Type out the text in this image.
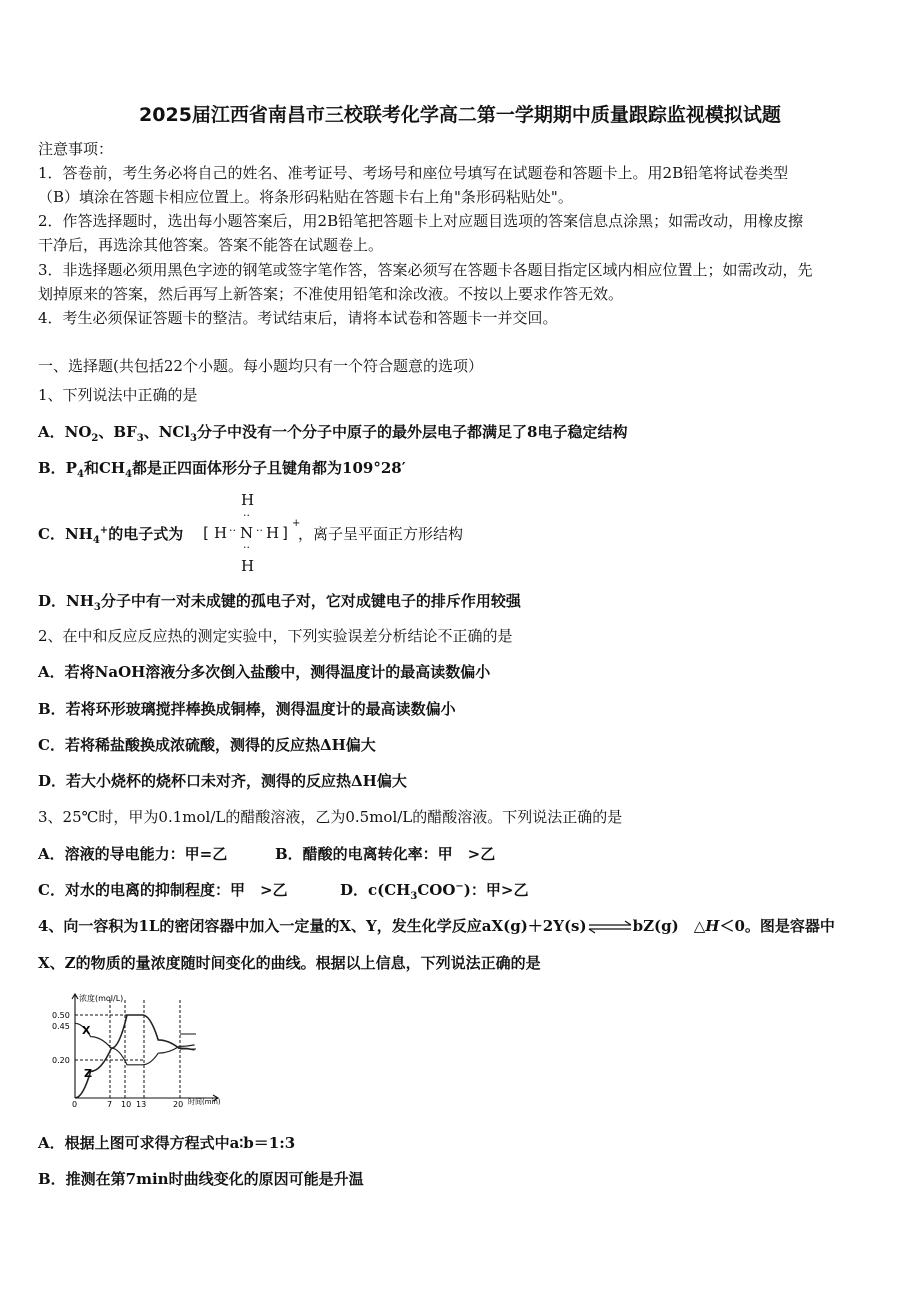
2025届江西省南昌市三校联考化学高二第一学期期中质量跟踪监视模拟试题
注意事项：
1．答卷前，考生务必将自己的姓名、准考证号、考场号和座位号填写在试题卷和答题卡上。用2B铅笔将试卷类型
（B）填涂在答题卡相应位置上。将条形码粘贴在答题卡右上角"条形码粘贴处"。
2．作答选择题时，选出每小题答案后，用2B铅笔把答题卡上对应题目选项的答案信息点涂黑；如需改动，用橡皮擦
干净后，再选涂其他答案。答案不能答在试题卷上。
3．非选择题必须用黑色字迹的钢笔或签字笔作答，答案必须写在答题卡各题目指定区域内相应位置上；如需改动，先
划掉原来的答案，然后再写上新答案；不准使用铅笔和涂改液。不按以上要求作答无效。
4．考生必须保证答题卡的整洁。考试结束后，请将本试卷和答题卡一并交回。
一、选择题(共包括22个小题。每小题均只有一个符合题意的选项）
1、下列说法中正确的是
A．$NO_2$、$BF_3$、NCl$_3$分子中没有一个分子中原子的最外层电子都满足了8电子稳定结构
B．$P_4$和$CH_4$都是正四面体形分子且键角都为109°28′
C．$NH_4^+$的电子式为
H
··
[ H ·· N ·· H ]
+
··
H
，离子呈平面正方形结构
D．$NH_3$分子中有一对未成键的孤电子对，它对成键电子的排斥作用较强
2、在中和反应反应热的测定实验中，下列实验误差分析结论不正确的是
A．若将NaOH溶液分多次倒入盐酸中，测得温度计的最高读数偏小
B．若将环形玻璃搅拌棒换成铜棒，测得温度计的最高读数偏小
C．若将稀盐酸换成浓硫酸，测得的反应热ΔH偏大
D．若大小烧杯的烧杯口未对齐，测得的反应热ΔH偏大
3、25℃时，甲为0.1mol/L的醋酸溶液，乙为0.5mol/L的醋酸溶液。下列说法正确的是
A．溶液的导电能力：甲=乙	B．醋酸的电离转化率：甲　>乙
C．对水的电离的抑制程度：甲　>乙	D．$c(CH_3COO^-)$：甲>乙
4、向一容积为1L的密闭容器中加入一定量的X、Y，发生化学反应aX(g)＋2Y(s)⇌bZ(g)　△H＜0。图是容器中
X、Z的物质的量浓度随时间变化的曲线。根据以上信息，下列说法正确的是
浓度(mol/L)
时间(min)
0.50
0.45
0.20
0	7 10 13	20
X
Z
A．根据上图可求得方程式中a∶b＝1:3
B．推测在第7min时曲线变化的原因可能是升温
